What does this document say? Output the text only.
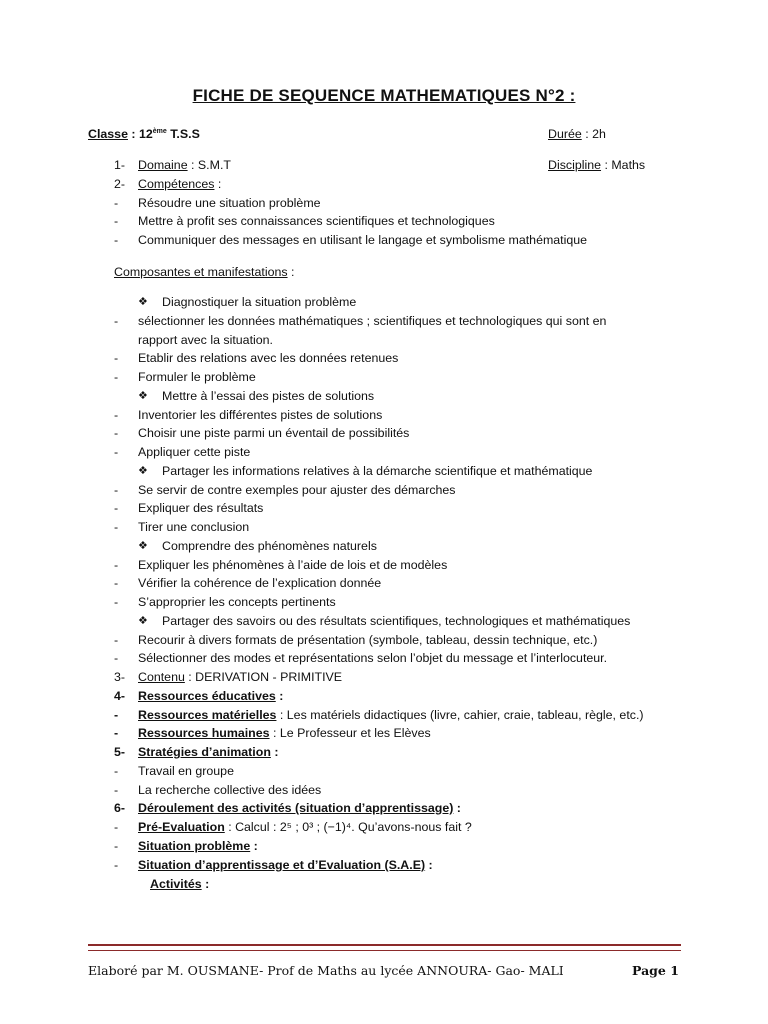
FICHE DE SEQUENCE MATHEMATIQUES N°2 :
Classe : 12ème T.S.S	Durée : 2h
1- Domaine : S.M.T	Discipline : Maths
2- Compétences :
- Résoudre une situation problème
- Mettre à profit ses connaissances scientifiques et technologiques
- Communiquer des messages en utilisant le langage et symbolisme mathématique
Composantes et manifestations :
❖ Diagnostiquer la situation problème
- sélectionner les données mathématiques ; scientifiques et technologiques qui sont en
rapport avec la situation.
- Etablir des relations avec les données retenues
- Formuler le problème
❖ Mettre à l’essai des pistes de solutions
- Inventorier les différentes pistes de solutions
- Choisir une piste parmi un éventail de possibilités
- Appliquer cette piste
❖ Partager les informations relatives à la démarche scientifique et mathématique
- Se servir de contre exemples pour ajuster des démarches
- Expliquer des résultats
- Tirer une conclusion
❖ Comprendre des phénomènes naturels
- Expliquer les phénomènes à l’aide de lois et de modèles
- Vérifier la cohérence de l’explication donnée
- S’approprier les concepts pertinents
❖ Partager des savoirs ou des résultats scientifiques, technologiques et mathématiques
- Recourir à divers formats de présentation (symbole, tableau, dessin technique, etc.)
- Sélectionner des modes et représentations selon l’objet du message et l’interlocuteur.
3- Contenu : DERIVATION - PRIMITIVE
4- Ressources éducatives :
- Ressources matérielles : Les matériels didactiques (livre, cahier, craie, tableau, règle, etc.)
- Ressources humaines : Le Professeur et les Elèves
5- Stratégies d’animation :
- Travail en groupe
- La recherche collective des idées
6- Déroulement des activités (situation d’apprentissage) :
- Pré-Evaluation : Calcul : 2⁵ ; 0³ ; (−1)⁴. Qu’avons-nous fait ?
- Situation problème :
- Situation d’apprentissage et d’Evaluation (S.A.E) :
Activités :
Elaboré par M. OUSMANE- Prof de Maths au lycée ANNOURA- Gao- MALI	Page 1
